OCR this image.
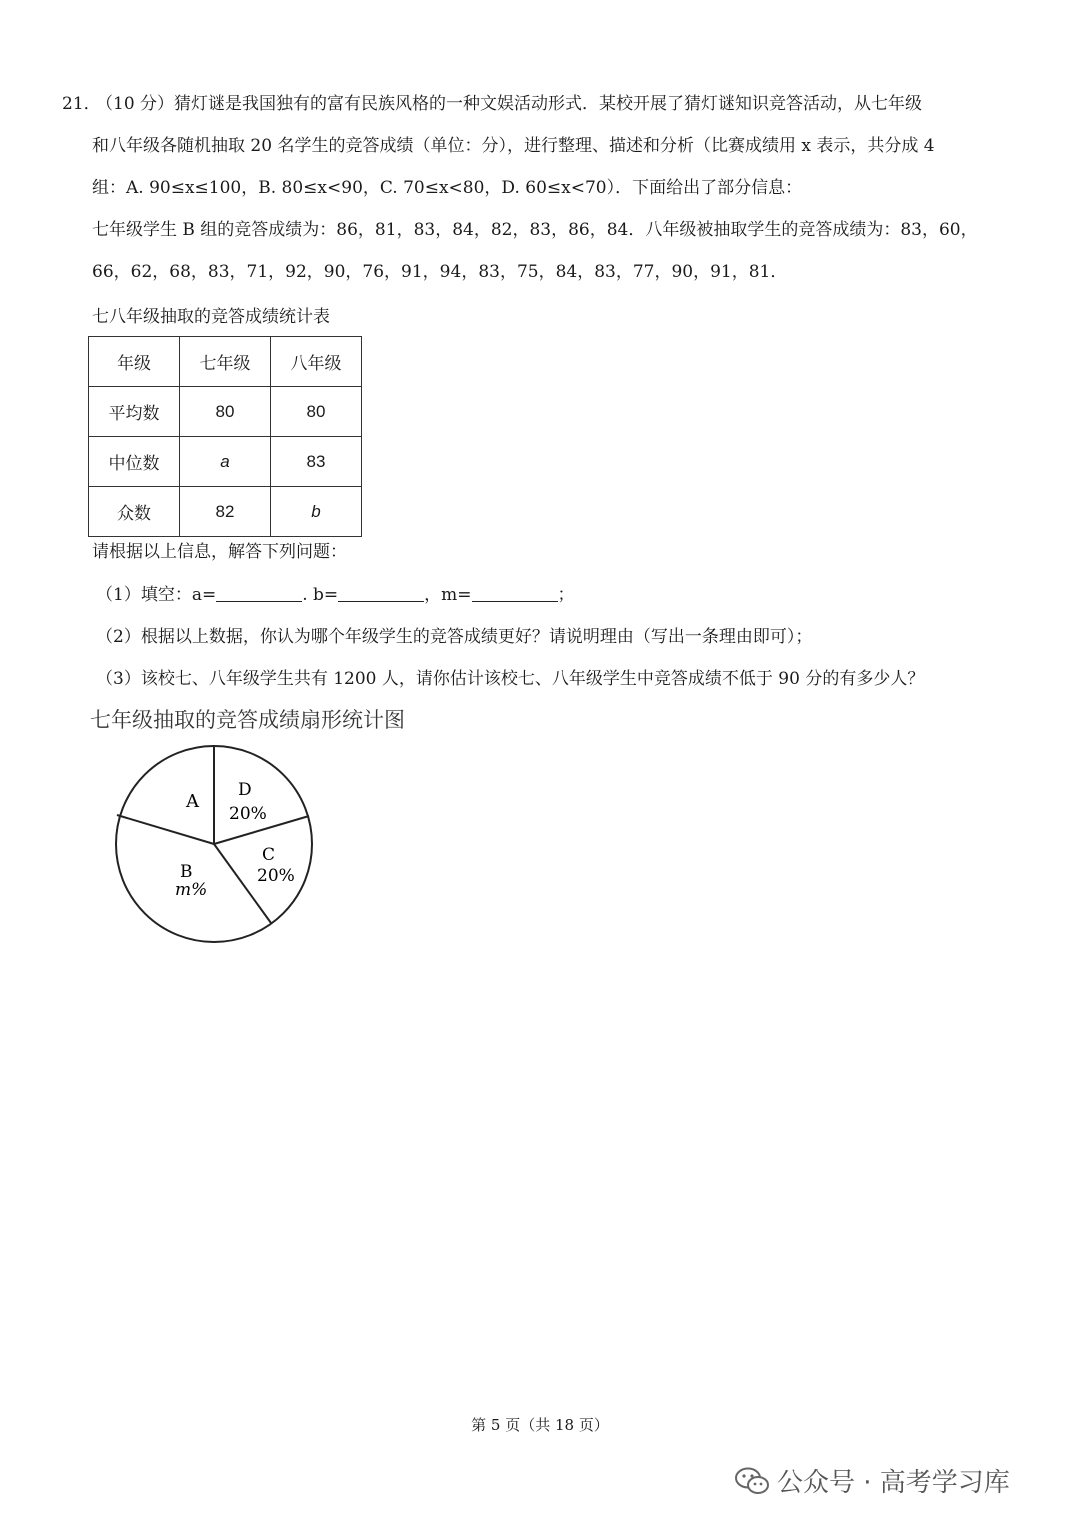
21．
（10 分）猜灯谜是我国独有的富有民族风格的一种文娱活动形式．某校开展了猜灯谜知识竞答活动，从七年级
和八年级各随机抽取 20 名学生的竞答成绩（单位：分），进行整理、描述和分析（比赛成绩用 x 表示，共分成 4
组：A. 90≤x≤100，B. 80≤x<90，C. 70≤x<80，D. 60≤x<70）．下面给出了部分信息：
七年级学生 B 组的竞答成绩为：86，81，83，84，82，83，86，84．八年级被抽取学生的竞答成绩为：83，60，
66，62，68，83，71，92，90，76，91，94，83，75，84，83，77，90，91，81．
七八年级抽取的竞答成绩统计表
年级	七年级	八年级
平均数	80	80
中位数	a	83
众数	82	b
请根据以上信息，解答下列问题：
（1）填空：a=	. b=	，m=	；
（2）根据以上数据，你认为哪个年级学生的竞答成绩更好？请说明理由（写出一条理由即可）；
（3）该校七、八年级学生共有 1200 人，请你估计该校七、八年级学生中竞答成绩不低于 90 分的有多少人？
七年级抽取的竞答成绩扇形统计图
A
D
20%
C
20%
B
m%
第 5 页（共 18 页）
公众号 · 高考学习库
